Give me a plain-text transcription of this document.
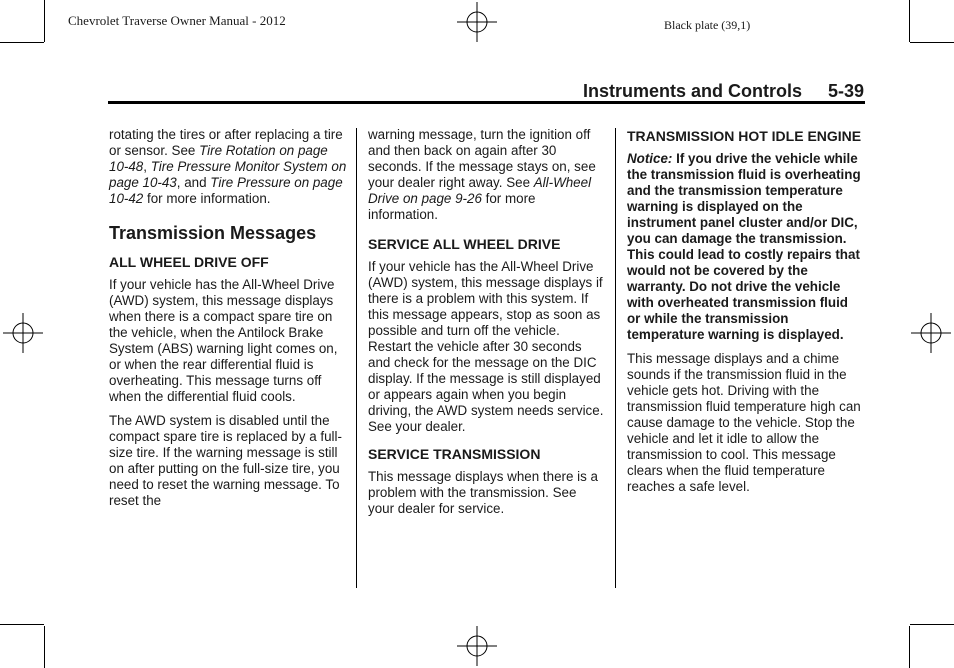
Chevrolet Traverse Owner Manual - 2012	Black plate (39,1)
Instruments and Controls 5-39

rotating the tires or after replacing a tire or sensor. See Tire Rotation on page 10-48, Tire Pressure Monitor System on page 10-43, and Tire Pressure on page 10-42 for more information.

Transmission Messages
ALL WHEEL DRIVE OFF

If your vehicle has the All-Wheel Drive (AWD) system, this message displays when there is a compact spare tire on the vehicle, when the Antilock Brake System (ABS) warning light comes on, or when the rear differential fluid is overheating. This message turns off when the differential fluid cools.

The AWD system is disabled until the compact spare tire is replaced by a full-size tire. If the warning message is still on after putting on the full-size tire, you need to reset the warning message. To reset the

warning message, turn the ignition off and then back on again after 30 seconds. If the message stays on, see your dealer right away. See All-Wheel Drive on page 9-26 for more information.

SERVICE ALL WHEEL DRIVE

If your vehicle has the All-Wheel Drive (AWD) system, this message displays if there is a problem with this system. If this message appears, stop as soon as possible and turn off the vehicle. Restart the vehicle after 30 seconds and check for the message on the DIC display. If the message is still displayed or appears again when you begin driving, the AWD system needs service. See your dealer.

SERVICE TRANSMISSION

This message displays when there is a problem with the transmission. See your dealer for service.

TRANSMISSION HOT IDLE ENGINE

Notice: If you drive the vehicle while the transmission fluid is overheating and the transmission temperature warning is displayed on the instrument panel cluster and/or DIC, you can damage the transmission. This could lead to costly repairs that would not be covered by the warranty. Do not drive the vehicle with overheated transmission fluid or while the transmission temperature warning is displayed.

This message displays and a chime sounds if the transmission fluid in the vehicle gets hot. Driving with the transmission fluid temperature high can cause damage to the vehicle. Stop the vehicle and let it idle to allow the transmission to cool. This message clears when the fluid temperature reaches a safe level.
